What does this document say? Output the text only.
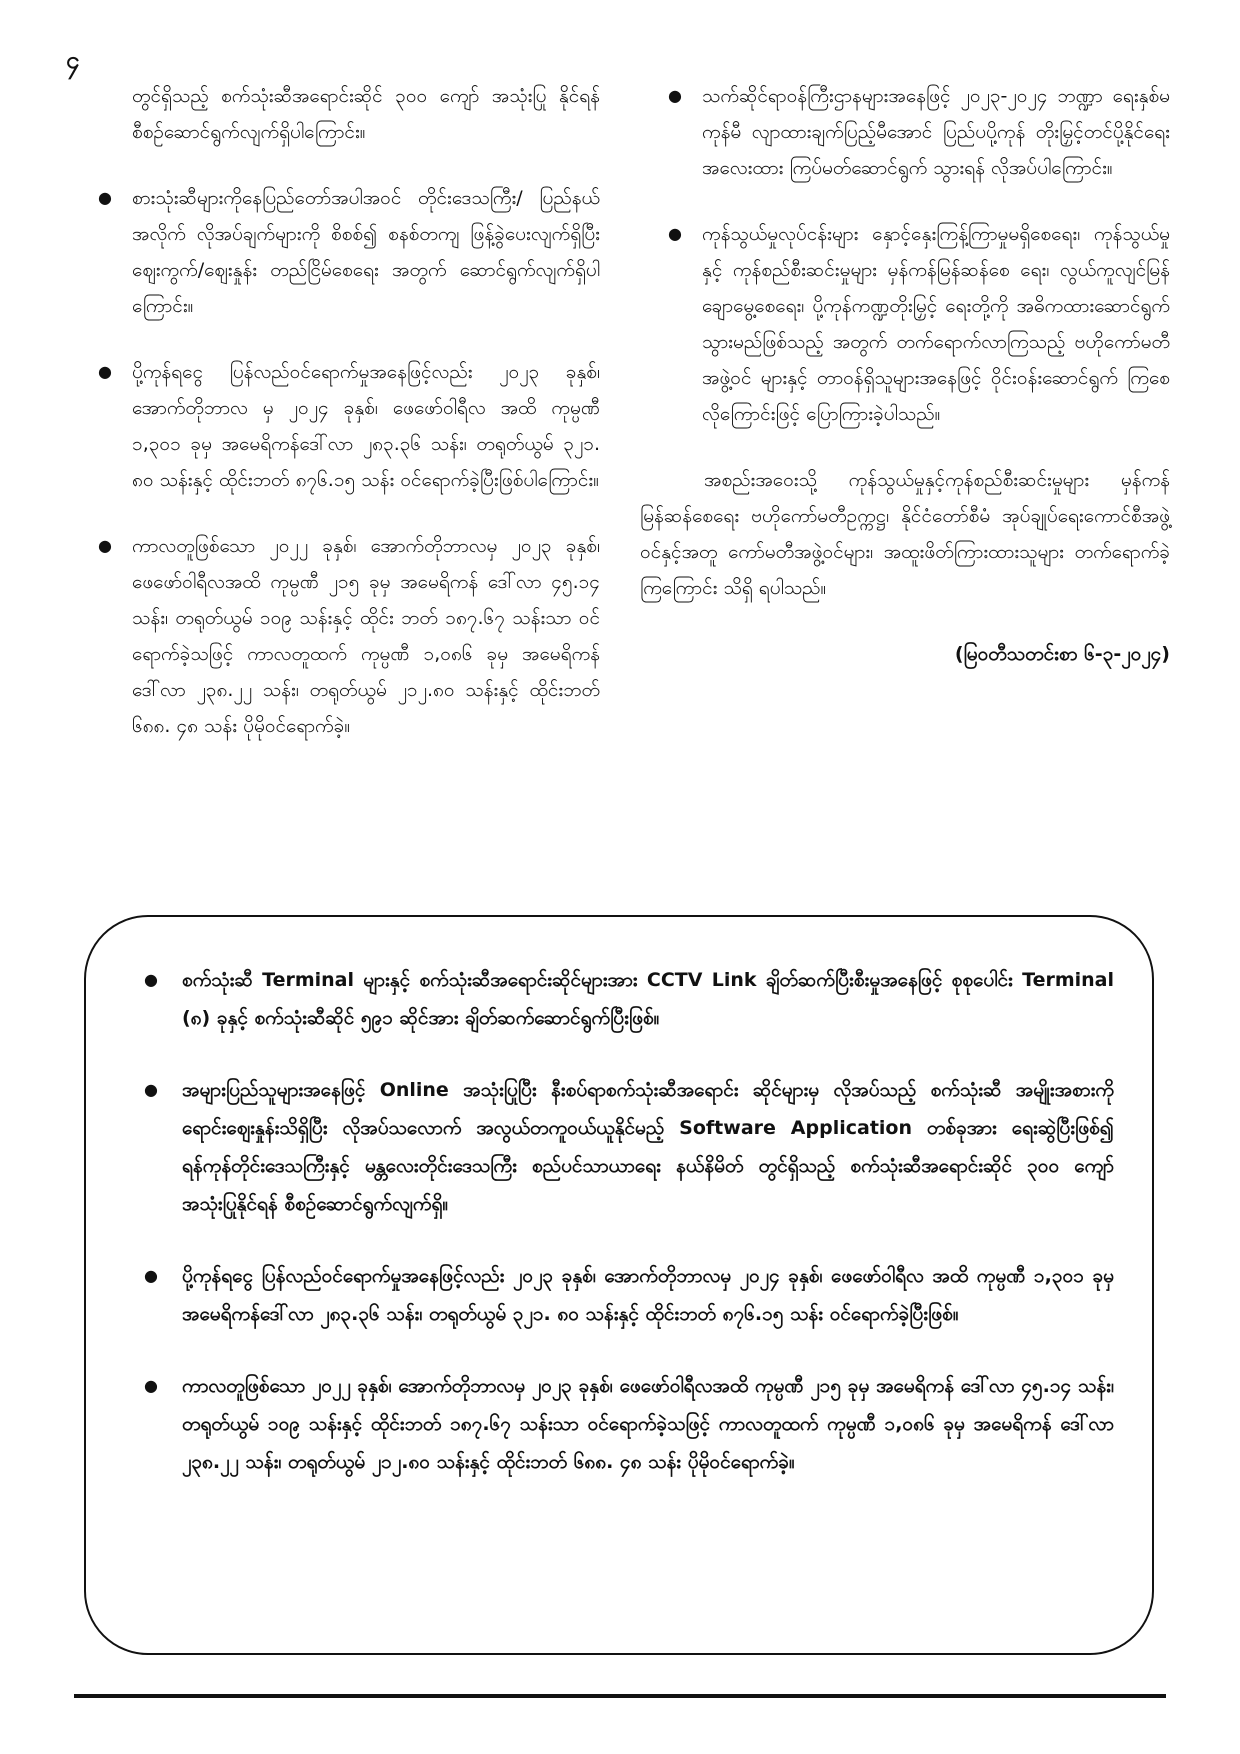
၄

တွင်ရှိသည့် စက်သုံးဆီအရောင်းဆိုင် ၃၀၀ ကျော် အသုံးပြု နိုင်ရန် စီစဉ်ဆောင်ရွက်လျက်ရှိပါကြောင်း။

● စားသုံးဆီများကိုနေပြည်တော်အပါအဝင် တိုင်းဒေသကြီး/ ပြည်နယ်အလိုက် လိုအပ်ချက်များကို စိစစ်၍ စနစ်တကျ ဖြန့်ခွဲပေးလျက်ရှိပြီး ဈေးကွက်/ဈေးနှုန်း တည်ငြိမ်စေရေး အတွက် ဆောင်ရွက်လျက်ရှိပါကြောင်း။

● ပို့ကုန်ရငွေ ပြန်လည်ဝင်ရောက်မှုအနေဖြင့်လည်း ၂၀၂၃ ခုနှစ်၊ အောက်တိုဘာလ မှ ၂၀၂၄ ခုနှစ်၊ ဖေဖော်ဝါရီလ အထိ ကုမ္ပဏီ ၁,၃၀၁ ခုမှ အမေရိကန်ဒေါ်လာ ၂၈၃.၃၆ သန်း၊ တရုတ်ယွမ် ၃၂၁. ၈၀ သန်းနှင့် ထိုင်းဘတ် ၈၇၆.၁၅ သန်း ဝင်ရောက်ခဲ့ပြီးဖြစ်ပါကြောင်း။

● ကာလတူဖြစ်သော ၂၀၂၂ ခုနှစ်၊ အောက်တိုဘာလမှ ၂၀၂၃ ခုနှစ်၊ ဖေဖော်ဝါရီလအထိ ကုမ္ပဏီ ၂၁၅ ခုမှ အမေရိကန် ဒေါ်လာ ၄၅.၁၄ သန်း၊ တရုတ်ယွမ် ၁၀၉ သန်းနှင့် ထိုင်း ဘတ် ၁၈၇.၆၇ သန်းသာ ဝင်ရောက်ခဲ့သဖြင့် ကာလတူထက် ကုမ္ပဏီ ၁,၀၈၆ ခုမှ အမေရိကန် ဒေါ်လာ ၂၃၈.၂၂ သန်း၊ တရုတ်ယွမ် ၂၁၂.၈၀ သန်းနှင့် ထိုင်းဘတ် ၆၈၈. ၄၈ သန်း ပိုမိုဝင်ရောက်ခဲ့။

● သက်ဆိုင်ရာဝန်ကြီးဌာနများအနေဖြင့် ၂၀၂၃-၂၀၂၄ ဘဏ္ဍာ ရေးနှစ်မကုန်မီ လျာထားချက်ပြည့်မီအောင် ပြည်ပပို့ကုန် တိုးမြှင့်တင်ပို့နိုင်ရေး အလေးထား ကြပ်မတ်ဆောင်ရွက် သွားရန် လိုအပ်ပါကြောင်း။

● ကုန်သွယ်မှုလုပ်ငန်းများ နှောင့်နှေးကြန့်ကြာမှုမရှိစေရေး၊ ကုန်သွယ်မှုနှင့် ကုန်စည်စီးဆင်းမှုများ မှန်ကန်မြန်ဆန်စေ ရေး၊ လွယ်ကူလျင်မြန်ချောမွေ့စေရေး၊ ပို့ကုန်ကဏ္ဍတိုးမြှင့် ရေးတို့ကို အဓိကထားဆောင်ရွက်သွားမည်ဖြစ်သည့် အတွက် တက်ရောက်လာကြသည့် ဗဟိုကော်မတီအဖွဲ့ဝင် များနှင့် တာဝန်ရှိသူများအနေဖြင့် ဝိုင်းဝန်းဆောင်ရွက် ကြစေလိုကြောင်းဖြင့် ပြောကြားခဲ့ပါသည်။

အစည်းအဝေးသို့ ကုန်သွယ်မှုနှင့်ကုန်စည်စီးဆင်းမှုများ မှန်ကန်မြန်ဆန်စေရေး ဗဟိုကော်မတီဥက္ကဋ္ဌ၊ နိုင်ငံတော်စီမံ အုပ်ချုပ်ရေးကောင်စီအဖွဲ့ဝင်နှင့်အတူ ကော်မတီအဖွဲ့ဝင်များ၊ အထူးဖိတ်ကြားထားသူများ တက်ရောက်ခဲ့ကြကြောင်း သိရှိ ရပါသည်။

(မြဝတီသတင်းစာ ၆-၃-၂၀၂၄)

● စက်သုံးဆီ Terminal များနှင့် စက်သုံးဆီအရောင်းဆိုင်များအား CCTV Link ချိတ်ဆက်ပြီးစီးမှုအနေဖြင့် စုစုပေါင်း Terminal (၈) ခုနှင့် စက်သုံးဆီဆိုင် ၅၉၁ ဆိုင်အား ချိတ်ဆက်ဆောင်ရွက်ပြီးဖြစ်။

● အများပြည်သူများအနေဖြင့် Online အသုံးပြုပြီး နီးစပ်ရာစက်သုံးဆီအရောင်း ဆိုင်များမှ လိုအပ်သည့် စက်သုံးဆီ အမျိုးအစားကို ရောင်းဈေးနှုန်းသိရှိပြီး လိုအပ်သလောက် အလွယ်တကူဝယ်ယူနိုင်မည့် Software Application တစ်ခုအား ရေးဆွဲပြီးဖြစ်၍ ရန်ကုန်တိုင်းဒေသကြီးနှင့် မန္တလေးတိုင်းဒေသကြီး စည်ပင်သာယာရေး နယ်နိမိတ် တွင်ရှိသည့် စက်သုံးဆီအရောင်းဆိုင် ၃၀၀ ကျော် အသုံးပြုနိုင်ရန် စီစဉ်ဆောင်ရွက်လျက်ရှိ။

● ပို့ကုန်ရငွေ ပြန်လည်ဝင်ရောက်မှုအနေဖြင့်လည်း ၂၀၂၃ ခုနှစ်၊ အောက်တိုဘာလမှ ၂၀၂၄ ခုနှစ်၊ ဖေဖော်ဝါရီလ အထိ ကုမ္ပဏီ ၁,၃၀၁ ခုမှ အမေရိကန်ဒေါ်လာ ၂၈၃.၃၆ သန်း၊ တရုတ်ယွမ် ၃၂၁. ၈၀ သန်းနှင့် ထိုင်းဘတ် ၈၇၆.၁၅ သန်း ဝင်ရောက်ခဲ့ပြီးဖြစ်။

● ကာလတူဖြစ်သော ၂၀၂၂ ခုနှစ်၊ အောက်တိုဘာလမှ ၂၀၂၃ ခုနှစ်၊ ဖေဖော်ဝါရီလအထိ ကုမ္ပဏီ ၂၁၅ ခုမှ အမေရိကန် ဒေါ်လာ ၄၅.၁၄ သန်း၊ တရုတ်ယွမ် ၁၀၉ သန်းနှင့် ထိုင်းဘတ် ၁၈၇.၆၇ သန်းသာ ဝင်ရောက်ခဲ့သဖြင့် ကာလတူထက် ကုမ္ပဏီ ၁,၀၈၆ ခုမှ အမေရိကန် ဒေါ်လာ ၂၃၈.၂၂ သန်း၊ တရုတ်ယွမ် ၂၁၂.၈၀ သန်းနှင့် ထိုင်းဘတ် ၆၈၈. ၄၈ သန်း ပိုမိုဝင်ရောက်ခဲ့။
